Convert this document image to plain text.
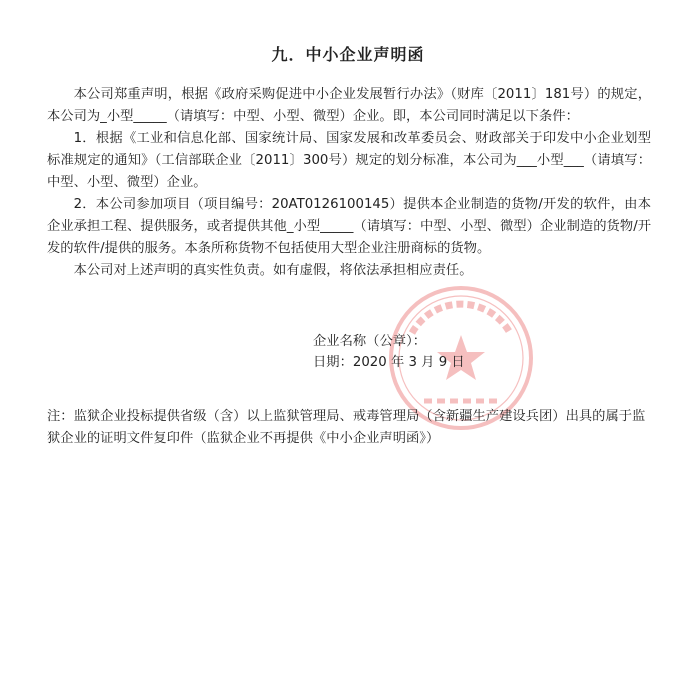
九．中小企业声明函

本公司郑重声明，根据《政府采购促进中小企业发展暂行办法》（财库〔2011〕181号）的规定，本公司为_小型_____（请填写：中型、小型、微型）企业。即，本公司同时满足以下条件：

1．根据《工业和信息化部、国家统计局、国家发展和改革委员会、财政部关于印发中小企业划型标准规定的通知》（工信部联企业〔2011〕300号）规定的划分标准，本公司为___小型___（请填写：中型、小型、微型）企业。

2．本公司参加项目（项目编号：20AT0126100145）提供本企业制造的货物/开发的软件，由本企业承担工程、提供服务，或者提供其他_小型_____（请填写：中型、小型、微型）企业制造的货物/开发的软件/提供的服务。本条所称货物不包括使用大型企业注册商标的货物。

本公司对上述声明的真实性负责。如有虚假，将依法承担相应责任。

企业名称（公章）：
日期：2020 年 3 月 9 日
注：监狱企业投标提供省级（含）以上监狱管理局、戒毒管理局（含新疆生产建设兵团）出具的属于监狱企业的证明文件复印件（监狱企业不再提供《中小企业声明函》）
